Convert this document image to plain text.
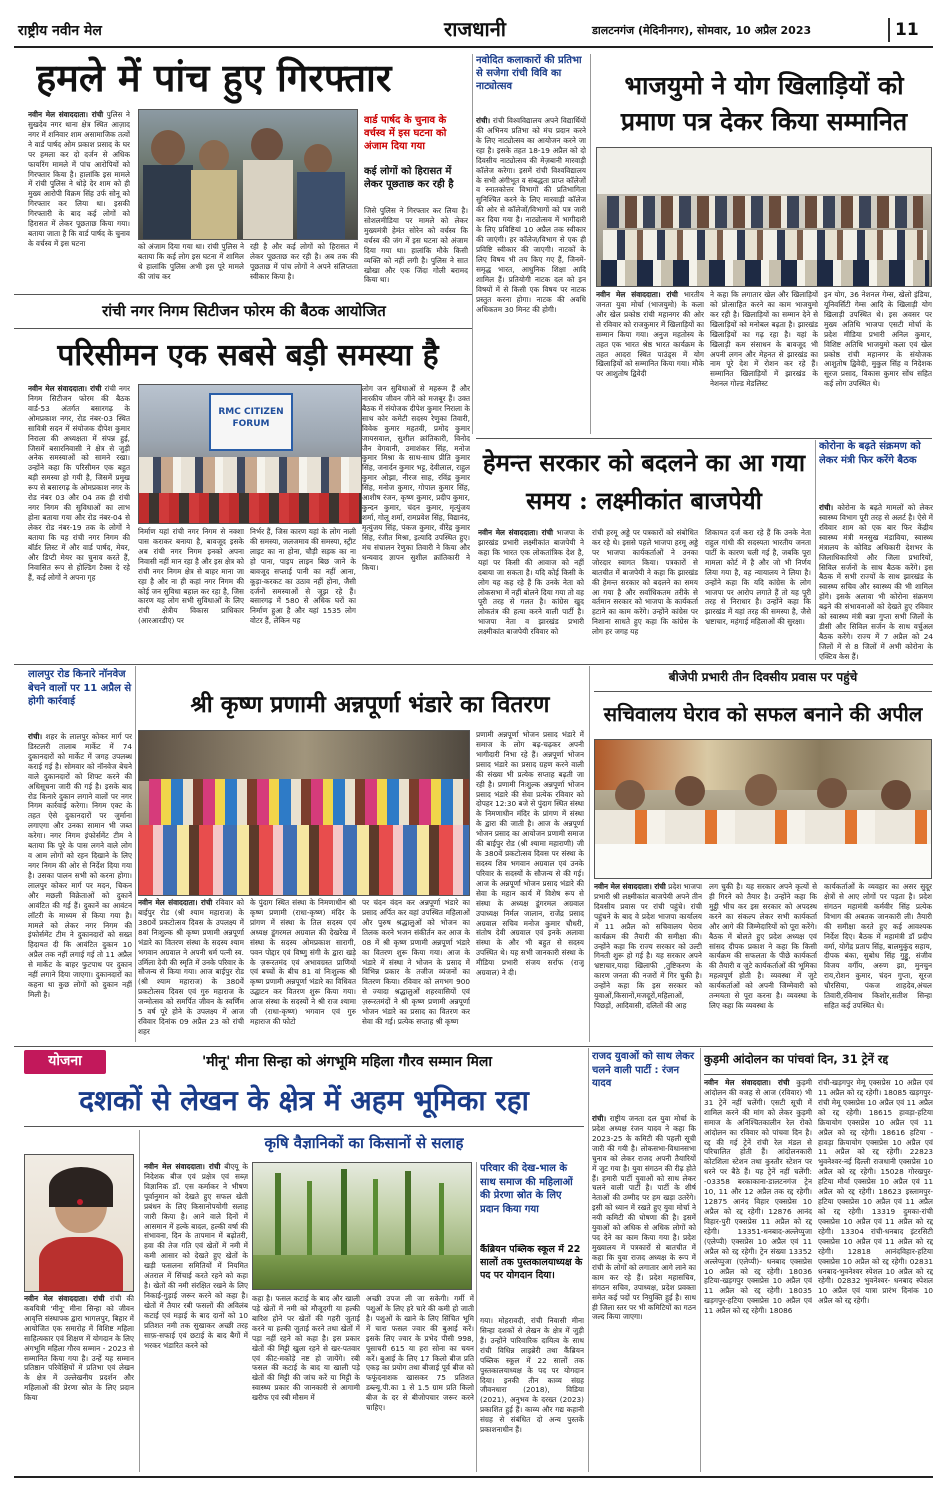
राष्ट्रीय नवीन मेल	राजधानी	डालटनगंज (मेदिनीनगर), सोमवार, 10 अप्रैल 2023	11
हमले में पांच हुए गिरफ्तार
नवीन मेल संवाददाता। रांची पुलिस ने सुखदेव नगर थाना क्षेत्र स्थित आज़ाद नगर में शनिवार शाम असामाजिक तत्वों ने वार्ड पार्षद ओम प्रकाश प्रसाद के घर पर हमला कर दो दर्जन से अधिक फायरिंग मामले में पांच आरोपियों को गिरफ्तार किया है। हालांकि इस मामले में रांची पुलिस ने थोड़े देर शाम को ही मुख्य आरोपी विक्रम सिंह उर्फ सोनू को गिरफ्तार कर लिया था। इसकी गिरफ्तारी के बाद कई लोगों को हिरासत में लेकर पूछताछ किया गया। बताया जाता है कि वार्ड पार्षद के चुनाव के वर्चस्व में इस घटना	को अंजाम दिया गया था। रांची पुलिस ने बताया कि कई लोग इस घटना में शामिल थे हालांकि पुलिस अभी इस पूरे मामले की जांच कर
रही है और कई लोगों को हिरासत में लेकर पूछताछ कर रही है। अब तक की पूछताछ में पांच लोगों ने अपने संलिप्तता स्वीकार किया है।
वार्ड पार्षद के चुनाव के वर्चस्व में इस घटना को अंजाम दिया गया
कई लोगों को हिरासत में लेकर पूछताछ कर रही है
जिसे पुलिस ने गिरफ्तार कर लिया है। सोशलमीडिया पर मामले को लेकर मुख्यमंत्री हेमंत सोरेन को वर्चस्व कि वर्चस्व की जंग में इस घटना को अंजाम दिया गया था। हालांकि मौके किसी व्यक्ति को नहीं लगी है। पुलिस ने सात खोखा और एक जिंदा गोली बरामद किया था।
नवोदित कलाकारों की प्रतिभा से सजेगा रांची विवि का नाट्योत्सव
रांची। रांची विश्वविद्यालय अपने विद्यार्थियों की अभिनय प्रतिभा को मंच प्रदान करने के लिए नाट्योत्सव का आयोजन करने जा रहा है। इसके तहत 18-19 अप्रैल को दो दिवसीय नाट्योत्सव की मेज़बानी मारवाड़ी कॉलेज करेगा। इसमें रांची विश्वविद्यालय के सभी अंगीभूत व संबद्धता प्राप्त कॉलेजों व स्नातकोत्तर विभागों की प्रतिभागिता सुनिश्चित करने के लिए मारवाड़ी कॉलेज की ओर से कॉलेजों/विभागों को पत्र जारी कर दिया गया है। नाट्योत्सव में भागीदारी के लिए प्रविष्टियां 10 अप्रैल तक स्वीकार की जाएंगी। हर कॉलेज/विभाग से एक ही प्रविष्टि स्वीकार की जाएगी। नाटकों के लिए विषय भी तय किए गए हैं, जिनमें- समृद्ध भारत, आधुनिक शिक्षा आदि शामिल हैं। प्रतियोगी नाटक दल को इन विषयों में से किसी एक विषय पर नाटक प्रस्तुत करना होगा। नाटक की अवधि अधिकतम 30 मिनट की होगी।
भाजयुमो ने योग खिलाड़ियों को प्रमाण पत्र देकर किया सम्मानित
नवीन मेल संवाददाता। रांची भारतीय जनता युवा मोर्चा (भाजयुमो) के कला और खेल प्रकोष्ठ रांची महानगर की ओर से रविवार को राजकुमार में खिलाड़ियों का सम्मान किया गया। अनुज महतोस्य के तहत एक भारत श्रेष्ठ भारत कार्यक्रम के तहत आदरा स्थित पाउंड्स में योग खिलाड़ियों को सम्मानित किया गया। मौके पर आशुतोष द्विवेदी
ने कहा कि लगातार खेल और खिलाड़ियों को प्रोत्साहित करने का काम भाजयुमो कर रही है। खिलाड़ियों का सम्मान देने से खिलाड़ियों को मनोबल बढ़ता है। झारखंड खिलाड़ियों का गढ़ रहा है। यहां के खिलाड़ी कम संसाधन के बावजूद भी अपनी लगन और मेहनत से झारखंड का नाम पूरे देश में रोशन कर रहे हैं। सम्मानित खिलाड़ियों में झारखंड के नेशनल गोल्ड मेडलिस्ट
इन योग, 36 नेशनल गेम्स, खेलो इंडिया, यूनिवर्सिटी गेम्स आदि के खिलाड़ी योग खिलाड़ी उपस्थित थे। इस अवसर पर मुख्य अतिथि भाजपा एसटी मोर्चा के प्रदेश मीडिया प्रभारी अनिल कुमार, विशिष्ट अतिथि भाजयुमो कला एवं खेल प्रकोष्ठ रांची महानगर के संयोजक आशुतोष द्विवेदी, मुकुल सिंह व निदेशक सूरज प्रसाद, विकास कुमार सोंथ सहित कई लोग उपस्थित थे।
रांची नगर निगम सिटीजन फोरम की बैठक आयोजित
परिसीमन एक सबसे बड़ी समस्या है
RMC CITIZEN FORUM
नवीन मेल संवाददाता। रांची रांची नगर निगम सिटीजन फोरम की बैठक वार्ड-53 अंतर्गत बसारगढ़ के ओमप्रकाश नगर, रोड नंबर-03 स्थित सावित्री सदन में संयोजक दीपेश कुमार निराला की अध्यक्षता में संपन्न हुई, जिसमें बसारनिवासी ने क्षेत्र से जुड़ी अनेक समस्याओं को सामने रखा। उन्होंने कहा कि परिसीमन एक बहुत बड़ी समस्या हो गयी है, जिसमें प्रमुख रूप से बसारगढ़ के ओमप्रकाश नगर के रोड नंबर 03 और 04 तक ही रांची नगर निगम की सुविधाओं का लाभ होना बताया गया और रोड नंबर-04 से लेकर रोड नंबर-19 तक के लोगों ने बताया कि यह रांची नगर निगम की बॉर्डर लिस्ट में और वार्ड पार्षद, मेयर, और डिप्टी मेयर का चुनाव करते हैं, निवासित रूप से होल्डिंग टैक्स दे रहे हैं, कई लोगों ने अपना गृह
निर्माण यहां रांची नगर निगम से नक्शा पास कराकर बनाया है, बावजूद इसके अब रांची नगर निगम इनको अपना निवासी नहीं मान रहा है और इस क्षेत्र को रांची नगर निगम क्षेत्र से बाहर माना जा रहा है और ना ही कहां नगर निगम की कोई जन सुविधा बहाल कर रहा है, जिस कारण यह लोग सभी सुविधाओं के लिए रांची क्षेत्रीय विकास प्राधिकार (आरआरडीए) पर
निर्भर हैं, जिस कारण यहां के लोग नाली की समस्या, जलजमाव की समस्या, स्ट्रीट लाइट का ना होना, चौड़ी सड़क का ना हो पाना, पाइप लाइन बिछ जाने के बावजूद सप्लाई पानी का नहीं आना, कूड़ा-करकट का उठाव नहीं होना, जैसी दर्जनों समस्याओं से जूझ रहे हैं। बसारगढ़ में 580 से अधिक घरों का निर्माण हुआ है और यहां 1535 लोग वोटर हैं, लेकिन यह
लोग जन सुविधाओं से महरूम हैं और नारकीय जीवन जीने को मजबूर हैं। उक्त बैठक में संयोजक दीपेश कुमार निराला के साथ कोर कमेटी सदस्य रेणुका तिवारी, विवेक कुमार महतवी, प्रमोद कुमार जायसवाल, सुशील क्रांतिकारी, विनोद जैन वेगवानी, उमाशंकर सिंह, मनोज कुमार मिश्रा के साथ-साथ प्रीति कुमार सिंह, जनार्दन कुमार भट्ट, देवीलाल, राहुल कुमार ओझा, नीरज साह, रविंद्र कुमार सिंह, मनोज कुमार, गोपाल कुमार सिंह, आशीष रंजन, कृष्ण कुमार, प्रदीप कुमार, कुन्दन कुमार, चंदन कुमार, मृत्युंजय शर्मा, गोलू शर्मा, रामप्रवेश सिंह, विद्यानंद, मृत्युंजय सिंह, पंकज कुमार, वीरेंद्र कुमार सिंह, रंजीत मिश्रा, इत्यादि उपस्थित हुए। मंच संचालन रेणुका तिवारी ने किया और धन्यवाद ज्ञापन सुशील क्रांतिकारी ने किया।
हेमन्त सरकार को बदलने का आ गया समय : लक्ष्मीकांत बाजपेयी
नवीन मेल संवाददाता। रांची भाजपा के झारखंड प्रभारी लक्ष्मीकांत बाजपेयी ने कहा कि भारत एक लोकतांत्रिक देश है, यहां पर किसी की आवाज को नहीं दबाया जा सकता है। यदि कोई किसी के लोग यह कह रहे हैं कि उनके नेता को लोकसभा में नहीं बोलने दिया गया तो वह पूरी तरह से गलत है। कांग्रेस खुद लोकतंत्र की हत्या करने वाली पार्टी है। भाजपा नेता व झारखंड प्रभारी लक्ष्मीकांत बाजपेयी रविवार को
रांची हरमू अड्डे पर पत्रकारों को संबोधित कर रहे थे। इससे पहले भाजपा हरमू अड्डे पर भाजपा कार्यकर्ताओं ने उनका जोरदार स्वागत किया। पत्रकारों से बातचीत में बाजपेयी ने कहा कि झारखंड की हेमन्त सरकार को बदलने का समय आ गया है और सर्वाधिकतम तरीके से वर्तमान सरकार को भाजपा के कार्यकर्ता हटाने का काम करेंगे। उन्होंने कांग्रेस पर निशाना साधते हुए कहा कि कांग्रेस के लोग हर जगह यह
शिकायत दर्ज करा रहे हैं कि उनके नेता राहुल गांधी की सदस्यता भारतीय जनता पार्टी के कारण चली गई है, जबकि पूरा मामला कोर्ट में है और जो भी निर्णय लिया गया है, वह न्यायालय ने लिया है। उन्होंने कहा कि यदि कांग्रेस के लोग भाजपा पर आरोप लगाते हैं तो यह पूरी तरह से निराधार है। उन्होंने कहा कि झारखंड में यहां तरह की समस्या है, जैसे भ्रष्टाचार, महंगाई महिलाओं की सुरक्षा।
कोरोना के बढ़ते संक्रमण को लेकर मंत्री फिर करेंगे बैठक
रांची। कोरोना के बढ़ते मामलों को लेकर स्वास्थ्य विभाग पूरी तरह से अलर्ट है। ऐसे में रविवार शाम को एक बार फिर केंद्रीय स्वास्थ्य मंत्री मनसुख मंडाविया, स्वास्थ्य मंत्रालय के कोविड अधिकारी देशभर के जिलाधिकारियों और जिला प्रभारियों, सिविल सर्जनों के साथ बैठक करेंगे। इस बैठक में सभी राज्यों के साथ झारखंड के स्वास्थ्य सचिव और स्वास्थ्य की भी शामिल होंगे। इसके अलावा भी कोरोना संक्रमण बढ़ने की संभावनाओं को देखते हुए रविवार को स्वास्थ्य मंत्री बन्ना गुप्ता सभी जिलों के डीसी और सिविल सर्जन के साथ वर्चुअल बैठक करेंगे। राज्य में 7 अप्रैल को 24 जिलों में से 8 जिलों में अभी कोरोना के एक्टिव केस हैं।
लालपुर रोड किनारे नॉनवेज बेचने वालों पर 11 अप्रैल से होगी कार्रवाई
रांची। शहर के लालपुर कोकर मार्ग पर डिस्टलरी तालाब मार्केट में 74 दुकानदारों को मार्केट में जगह उपलब्ध कराई गई है। सोमवार को नॉनवेज बेचने वाले दुकानदारों को शिफ्ट करने की अधिसूचना जारी की गई है। इसके बाद रोड किनारे दुकान लगाने वालों पर नगर निगम कार्रवाई करेगा। निगम एक्ट के तहत ऐसे दुकानदारों पर जुर्माना लगाएगा और उनका सामान भी जब्त करेगा। नगर निगम इंफोर्समेंट टीम ने बताया कि पूरे के पास लगने वाले लोग व आम लोगों को रहन दिखाने के लिए नगर निगम की ओर से निर्देश दिया गया है। उसका पालन सभी को करना होगा। लालपुर कोकर मार्ग पर मदन, चिकन और मछली विक्रेताओं को दुकानें आवंटित की गई हैं। दुकानें का आवंटन लॉटरी के माध्यम से किया गया है। मामले को लेकर नगर निगम की इंफोर्समेंट टीम ने दुकानदारों को सख्त हिदायत दी कि आवंटित दुकान 10 अप्रैल तक नहीं लगाई गई तो 11 अप्रैल से मार्केट के बाहर फुटपाथ पर दुकान नहीं लगाने दिया जाएगा। दुकानदारों का कहना था कुछ लोगों को दुकान नहीं मिली है।
श्री कृष्ण प्रणामी अन्नपूर्णा भंडारे का वितरण
नवीन मेल संवाददाता। रांची रविवार को बाईपुर रोड (श्री श्याम महाराज) के 380वें प्रकटोत्सव दिवस के उपलक्ष्य में 8वां निःशुल्क श्री कृष्ण प्रणामी अन्नपूर्णा भंडारे का वितरण संस्था के सदस्य श्याम भगवान अग्रवाल ने अपनी धर्म पत्नी स्व. उर्मिला देवी की स्मृति में उनके परिवार के सौजन्य से किया गया। आज बाईपुर रोड (श्री श्याम महाराज) के 380वें प्रकटोत्सव दिवस एवं गुरु महाराज के जन्मोत्सव को समर्पित जीवन के स्वर्णिम 5 वर्ष पूरे होने के उपलक्ष्य में आज रविवार दिनांक 09 अप्रैल 23 को रांची शहर
के पुंदाग स्थित संस्था के निमणाधीन श्री कृष्ण प्रणामी (राधा-कृष्ण) मंदिर के प्रांगण में संस्था के तिल सदस्य एवं अध्यक्ष डूंगरमल अग्रवाल की देखरेख में संस्था के सदस्य ओमप्रकाश सारागी, पवन पोद्दार एवं विष्णु संगी के द्वारा खड़े के ज़रूरतमंद एवं अभावग्रस्त प्राणियों एवं बच्चों के बीच 81 वां निःशुल्क श्री कृष्ण प्रणामी अन्नपूर्णा भंडारे का विधिवत उद्घाटन कर वितरण शुरू किया गया। आज संस्था के सदस्यों ने श्री राज श्यामा जी (राधा-कृष्ण) भगवान एवं गुरु महाराज की फोटो
पर चंदन वंदन कर अन्नपूर्णा भंडारे का प्रसाद अर्पित कर वहां उपस्थित महिलाओं और पुरुष श्रद्धालुओं को भोजन का तिलक करने भजन संकीर्तन कर आज के 08 में श्री कृष्ण प्रणामी अन्नपूर्णा भंडारे का वितरण शुरू किया गया। आज के भंडारे में संस्था ने भोजन के प्रसाद में विभिन्न प्रकार के तजीज व्यंजनों का वितरण किया। रविवार को लगभग 900 से ज्यादा श्रद्धालुओं शहरवासियों एवं ज़रूरतमंदों ने श्री कृष्ण प्रणामी अन्नपूर्णा भोजन भंडारे का प्रसाद का वितरण कर सेवा की गई। प्रत्येक सप्ताह श्री कृष्ण
प्रणामी अन्नपूर्णा भोजन प्रसाद भंडारे में समाज के लोग बढ़-चढ़कर अपनी भागीदारी निभा रहे हैं। अन्नपूर्णा भोजन प्रसाद भंडारे का प्रसाद ग्रहण करने वाली की संख्या भी प्रत्येक सप्ताह बढ़ती जा रही है। प्रणामी निःशुल्क अन्नपूर्णा भोजन प्रसाद भंडारे की सेवा प्रत्येक रविवार को दोपहर 12:30 बजे से पुंदाग स्थित संस्था के निमणाधीन मंदिर के प्रांगण में संस्था के द्वारा की जाती है। आज के अन्नपूर्णा भोजन प्रसाद का आयोजन प्रणामी समाज की बाईपुर रोड (श्री श्यामा महाराणी) जी के 380वें प्रकटोत्सव दिवस पर संस्था के सदस्य शिव भगवान अग्रवाल एवं उनके परिवार के सदस्यों के सौजन्य से की गई। आज के अन्नपूर्णा भोजन प्रसाद भंडारे की सेवा के महान कार्य में विशेष रूप से संस्था के अध्यक्ष डूंगरमल अग्रवाल उपाध्यक्ष निर्मल जालान, राजेंद्र प्रसाद अग्रवाल सचिव मनोज कुमार चौधरी, संतोष देवी अग्रवाल एवं इनके अलावा संस्था के और भी बहुत से सदस्य उपस्थित थे। यह सभी जानकारी संस्था के मीडिया प्रभारी संजय सर्राफ (राजू अग्रवाल) ने दी।
बीजेपी प्रभारी तीन दिवसीय प्रवास पर पहुंचे
सचिवालय घेराव को सफल बनाने की अपील
नवीन मेल संवाददाता। रांची प्रदेश भाजपा प्रभारी श्री लक्ष्मीकांत बाजपेयी अपने तीन दिवसीय प्रवास पर रांची पहुंचे। रांची पहुंचने के बाद वे प्रदेश भाजपा कार्यालय में 11 अप्रैल को सचिवालय घेराव कार्यक्रम की तैयारी की समीक्षा की। उन्होंने कहा कि राज्य सरकार को उल्टी गिनती शुरू हो गई है। यह सरकार अपने भ्रष्टाचार,यादा खिलाफी ,तुष्टिकरण के कारण जनता की नजरों में गिर चुकी है। उन्होंने कहा कि इस सरकार को युवाओं,किसानों,मजदूरों,महिलाओं, पिछड़ों, आदिवासी, दलितों की आह
लग चुकी है। यह सरकार अपने कृत्यों से ही गिरने को तैयार है। उन्होंने कहा कि मुट्ठी भीच कर इस सरकार को अपदस्थ करने का संकल्प लेकर सभी कार्यकर्ता और आगे की जिम्मेदारियों को पूरा करेंगे। बैठक में बोलते हुए प्रदेश अध्यक्ष एवं सांसद दीपक प्रकाश ने कहा कि किसी कार्यक्रम की सफलता के पीछे कार्यकर्ता की तैयारी व जुटे कार्यकर्ताओं की भूमिका महत्वपूर्ण होती है। व्यवस्था में जुटे कार्यकर्ताओं को अपनी जिम्मेवारी को तन्मयता से पूरा करना है। व्यवस्था के लिए कहा कि व्यवस्था के
कार्यकर्ताओं के व्यवहार का असर सुदूर क्षेत्रों से आए लोगों पर पड़ता है। प्रदेश संगठन महामंत्री कर्मवीर सिंह प्रत्येक विभाग की अबतक जानकारी ली। तैयारी की समीक्षा करते हुए कई आवश्यक निर्देश दिए। बैठक में महामंत्री डॉ प्रदीप वर्मा, योगेंद्र प्रताप सिंह, बालमुकुंद सहाय, दीपक बंका, सुबोध सिंह गुड्डू, संजीव विजय वर्गीय, अरुण झा, मुनचुन राय,रोशन कुमार, चंदन गुप्ता, सूरज चौरसिया, पंकज शाहदेव,अंचल तिवारी,रविनाथ किशोर,सतीश सिन्हा सहित कई उपस्थित थे।
योजना	'मीनू' मीना सिन्हा को अंगभूमि महिला गौरव सम्मान मिला
दशकों से लेखन के क्षेत्र में अहम भूमिका रहा
नवीन मेल संवाददाता। रांची रांची की कवयित्री 'मीनू' मीना सिन्हा को जीवन आवृत्ति संस्थापक द्वारा भागलपुर, बिहार में आयोजित एक समारोह में विशिष्ट महिला साहित्यकार एवं शिक्षण में योगदान के लिए अंगभूमि महिला गौरव सम्मान - 2023 से सम्मानित किया गया है। उन्हें यह सम्मान प्रतिष्ठान परिवेक्षियों में प्रतिभा एवं लेखन के क्षेत्र में उल्लेखनीय प्रदर्शन और महिलाओं की प्रेरणा स्रोत के लिए प्रदान किया
कृषि वैज्ञानिकों का किसानों से सलाह
नवीन मेल संवाददाता। रांची बीएयू के निदेशक बीज एवं प्रक्षेत्र एवं सब्ज़ विज्ञानिक डॉ. एस कर्माकर ने भीषण पूर्वानुमान को देखते हुए सफल खेती प्रबंधन के लिए किसानोपयोगी सलाह जारी किया है। आने वाले दिनों में आसमान में हल्के बादल, हल्की वर्षा की संभावना, दिन के तापमान में बढ़ोतरी, हवा की तेज गति एवं खेतों में नमी में कमी आसार को देखते हुए खेतों के खड़ी फसलना समितियों में नियमित अंतराल में सिंचाई करते रहने को कहा है। खेतों की नमी संरक्षित रखने के लिए निकाई-गुड़ाई जरूर करने को कहा है। खेतों में तैयार रबी फसलों की अविलंब कटाई एवं मड़ाई के बाद दानों को 10 प्रतिशत नमी तक सुखाकर अच्छी तरह साफ़-सफाई एवं छटाई के बाद बैगों में भरकर भंडारित करने को
कहा है। फसल कटाई के बाद और खाली पड़े खेतों में नमी को मौजूदगी या हल्की बारिश होने पर खेतों की गहरी जुताई करने या हल्की जुताई करने तथा खेतों में पड़ा नहीं रहने को कहा है। इस प्रकार खेतों की मिट्टी खुला रहने से खर-पतवार एवं कीट-मकोड़े नष्ट हो जायेंगे। रबी फसल की कटाई के बाद या खाली पड़े खेतों की मिट्टी की जांच करें या मिट्टी के स्वास्थ्य प्रकार की जानकारी से आगामी खरीफ एवं रबी मौसम में
अच्छी उपज ली जा सकेगी। गर्मी में पशुओं के लिए हरे चारे की कमी हो जाती है। पशुओं के खाने के लिए सिंचित भूमि में चारा फसल ज्वार की बुआई करें। इसके लिए ज्वार के प्रभेद पीसी 998, पूसाचरी 615 या हरा सोना का चयन करें। बुआई के लिए 17 किलो बीज प्रति एकड़ का प्रयोग तथा बीजाई पूर्व बीज को फफूंदनाशक खासकर 75 प्रतिशत डब्ल्यू.पी.का 1 से 1.5 ग्राम प्रति किलो बीज के दर से बीजोपचार जरूर करने चाहिए।
परिवार की देख-भाल के साथ समाज की महिलाओं की प्रेरणा स्रोत के लिए प्रदान किया गया
कैंब्रियन पब्लिक स्कूल में 22 सालों तक पुस्तकालयाध्यक्ष के पद पर योगदान दिया।
गया। मोहरावदी, रांची निवासी मीना सिन्हा दशकों से लेखन के क्षेत्र में जुड़ी हैं। उन्होंने पारिवारिक दायित्व के साथ रांची विधिन्न लाइब्रेरी तथा कैंब्रियन पब्लिक स्कूल में 22 सालों तक पुस्तकालयाध्यक्ष के पद पर योगदान दिया। इनकी तीन काव्य संग्रह जीवनधारा (2018), विडिया (2021), अनुभव के दरख्त (2023) प्रकाशित हुई हैं। काव्य और गद्य कहानी संग्रह से संबंधित दो अन्य पुस्तकें प्रकाशनाधीन हैं।
राजद युवाओं को साथ लेकर चलने वाली पार्टी : रंजन यादव
रांची। राष्ट्रीय जनता दल युवा मोर्चा के प्रदेश अध्यक्ष रंजन यादव ने कहा कि 2023-25 के कमिटी की पहली सूची जारी की गयी है। लोकसभा-विधानसभा चुनाव को लेकर राजद अपनी तैयारियों में जुट गया है। युवा संगठन की रीढ़ होते हैं। हमारी पार्टी युवाओं को साथ लेकर चलने वाली पार्टी है। पार्टी के शीर्ष नेताओं की उम्मीद पर हम खड़ा उतरेंगे। इसी को ध्यान में रखते हुए युवा मोर्चा ने नयी कमिटी की घोषणा की है। इसमें युवाओं को अधिक से अधिक लोगों को पद देने का काम किया गया है। प्रदेश मुख्यालय में पत्रकारों से बातचीत में कहा कि युवा राजद अध्यक्ष के रूप में रांची के लोगों को लगातार आगे लाने का काम कर रहे हैं। प्रदेश महासचिव, संगठन सचिव, उपाध्यक्ष, प्रदेश प्रवक्ता समेत कई पदों पर नियुक्ति हुई है। साथ ही जिला स्तर पर भी कमिटियों का गठन जल्द किया जाएगा।
कुड़मी आंदोलन का पांचवां दिन, 31 ट्रेनें रद्द
नवीन मेल संवाददाता। रांची कुड़मी आंदोलन की वजह से आज (रविवार) भी 31 ट्रेनें नहीं चलेंगी। एसटी सूची में शामिल करने की मांग को लेकर कुड़मी समाज के अनिश्चितकालीन रेल रोको आंदोलन का रविवार को पांचवा दिन है। रद्द की गई ट्रेनें रांची रेल मंडल से परिचालित होती हैं। आंदोलनकारी कोटशिला स्टेशन तथा कुस्तौर स्टेशन पर धरने पर बैठे हैं। यह ट्रेनें नहीं चलेंगी: -03358 बरकाकाना-डालटनगंज ट्रेन 10, 11 और 12 अप्रैल तक रद्द रहेगी। 12875 आनंद विहार एक्सप्रेस 10 अप्रैल को रद्द रहेगी। 12876 आनंद विहार-पुरी एक्सप्रेस 11 अप्रैल को रद्द रहेगी। 13351-धनबाद-अल्लेप्पुजा (एलेप्पी) एक्सप्रेस 10 अप्रैल एवं 11 अप्रैल को रद्द रहेगी। ट्रेन संख्या 13352 अल्लेप्पुजा (एलेप्पी)- धनबाद एक्सप्रेस 10 अप्रैल को रद्द रहेगी। 18036 हटिया-खड़गपुर एक्सप्रेस 10 अप्रैल एवं 11 अप्रैल को रद्द रहेगी। 18035 खड़गपुर-हटिया एक्सप्रेस 10 अप्रैल एवं 11 अप्रैल को रद्द रहेगी। 18086
रांची-खड़गपुर मेमू एक्सप्रेस 10 अप्रैल एवं 11 अप्रैल को रद्द रहेगी। 18085 खड़गपुर-रांची मेमू एक्सप्रेस 10 अप्रैल एवं 11 अप्रैल को रद्द रहेगी। 18615 हावड़ा-हटिया क्रियायोग एक्सप्रेस 10 अप्रैल एवं 11 अप्रैल को रद्द रहेगी। 18616 हटिया - हावड़ा क्रियायोग एक्सप्रेस 10 अप्रैल एवं 11 अप्रैल को रद्द रहेगी। 22823 भुवनेश्वर-नई दिल्ली राजधानी एक्सप्रेस 10 अप्रैल को रद्द रहेगी। 15028 गोरखपुर-हटिया मौर्या एक्सप्रेस 10 अप्रैल एवं 11 अप्रैल को रद्द रहेगी। 18623 इस्लामपुर-हटिया एक्सप्रेस 10 अप्रैल एवं 11 अप्रैल को रद्द रहेगी। 13319 दुमका-रांची एक्सप्रेस 10 अप्रैल एवं 11 अप्रैल को रद्द रहेगी। 13304 रांची-धनबाद इंटरसिटी एक्सप्रेस 10 अप्रैल एवं 11 अप्रैल को रद्द रहेगी। 12818 आनंदविहार-हटिया एक्सप्रेस 10 अप्रैल को रद्द रहेगी। 02831 धनबाद-भुवनेश्वर स्पेशल 10 अप्रैल को रद्द रहेगी। 02832 भुवनेश्वर- धनबाद स्पेशल 10 अप्रैल एवं यात्रा प्रारंभ दिनांक 10 अप्रैल को रद्द रहेगी।
